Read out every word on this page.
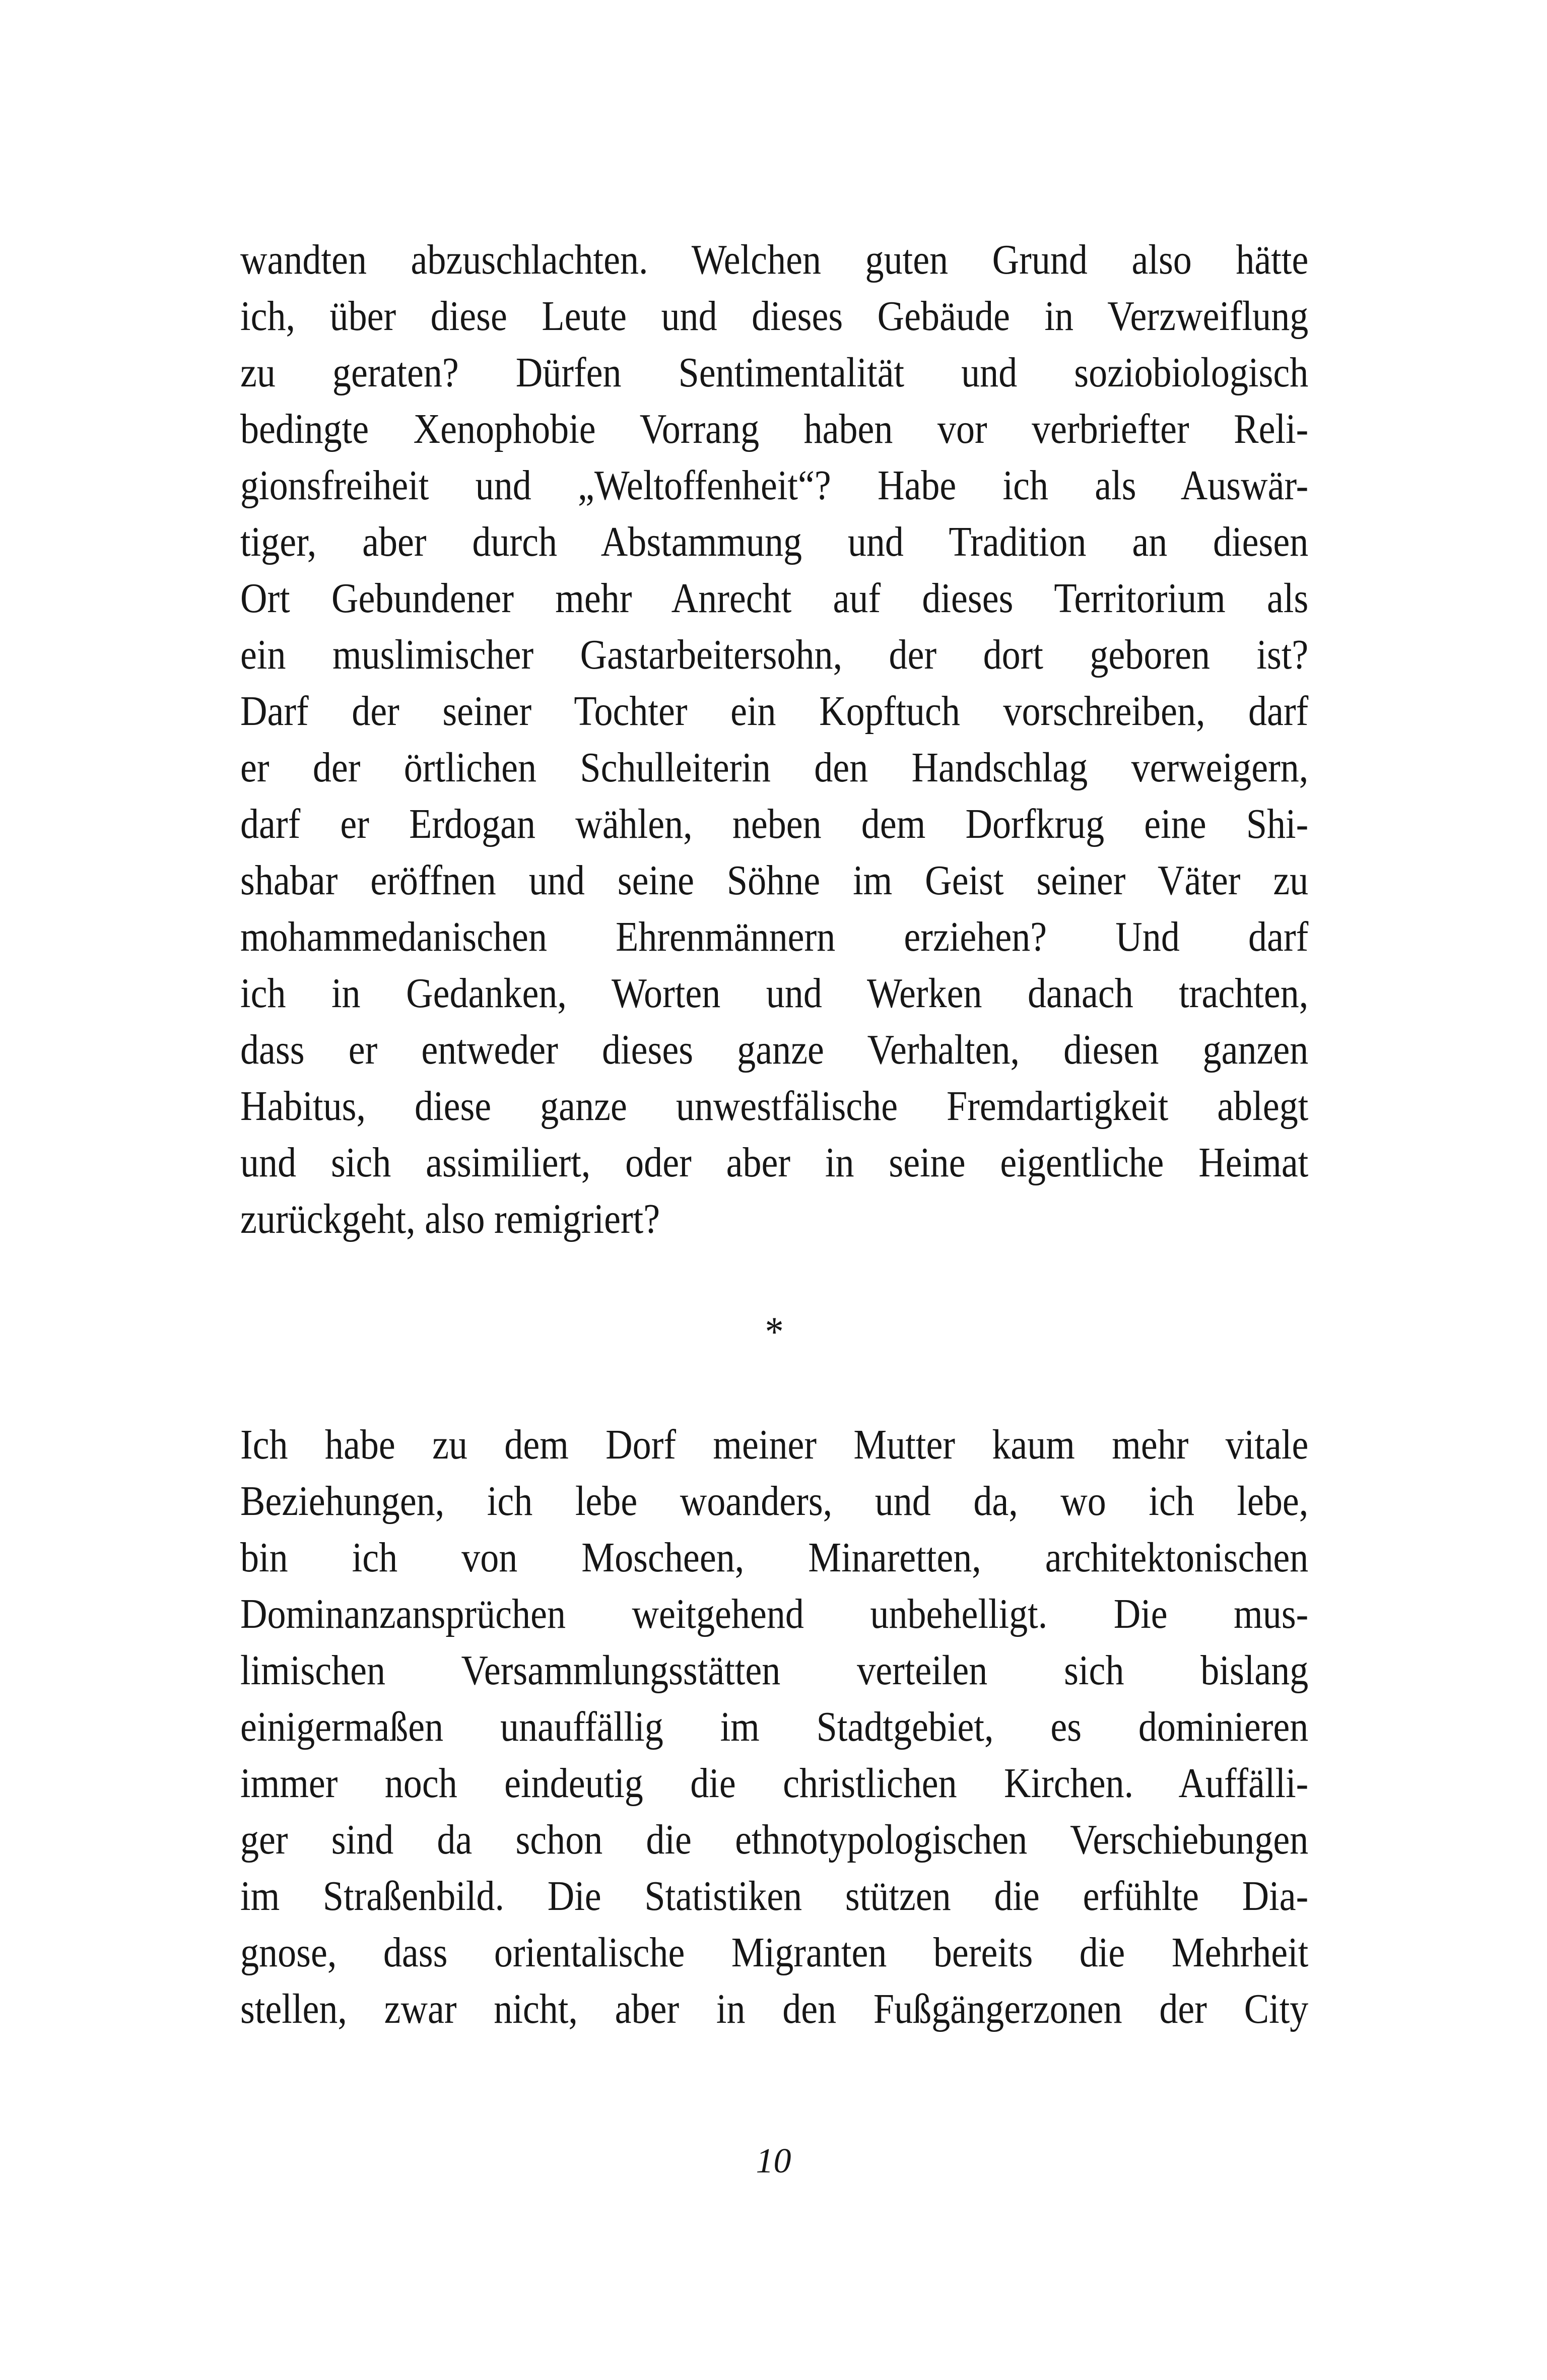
wandten abzuschlachten. Welchen guten Grund also hätte
ich, über diese Leute und dieses Gebäude in Verzweiflung
zu geraten? Dürfen Sentimentalität und soziobiologisch
bedingte Xenophobie Vorrang haben vor verbriefter Reli-
gionsfreiheit und „Weltoffenheit“? Habe ich als Auswär-
tiger, aber durch Abstammung und Tradition an diesen
Ort Gebundener mehr Anrecht auf dieses Territorium als
ein muslimischer Gastarbeitersohn, der dort geboren ist?
Darf der seiner Tochter ein Kopftuch vorschreiben, darf
er der örtlichen Schulleiterin den Handschlag verweigern,
darf er Erdogan wählen, neben dem Dorfkrug eine Shi-
shabar eröffnen und seine Söhne im Geist seiner Väter zu
mohammedanischen Ehrenmännern erziehen? Und darf
ich in Gedanken, Worten und Werken danach trachten,
dass er entweder dieses ganze Verhalten, diesen ganzen
Habitus, diese ganze unwestfälische Fremdartigkeit ablegt
und sich assimiliert, oder aber in seine eigentliche Heimat
zurückgeht, also remigriert?
*
Ich habe zu dem Dorf meiner Mutter kaum mehr vitale
Beziehungen, ich lebe woanders, und da, wo ich lebe,
bin ich von Moscheen, Minaretten, architektonischen
Dominanzansprüchen weitgehend unbehelligt. Die mus-
limischen Versammlungsstätten verteilen sich bislang
einigermaßen unauffällig im Stadtgebiet, es dominieren
immer noch eindeutig die christlichen Kirchen. Auffälli-
ger sind da schon die ethnotypologischen Verschiebungen
im Straßenbild. Die Statistiken stützen die erfühlte Dia-
gnose, dass orientalische Migranten bereits die Mehrheit
stellen, zwar nicht, aber in den Fußgängerzonen der City
10
